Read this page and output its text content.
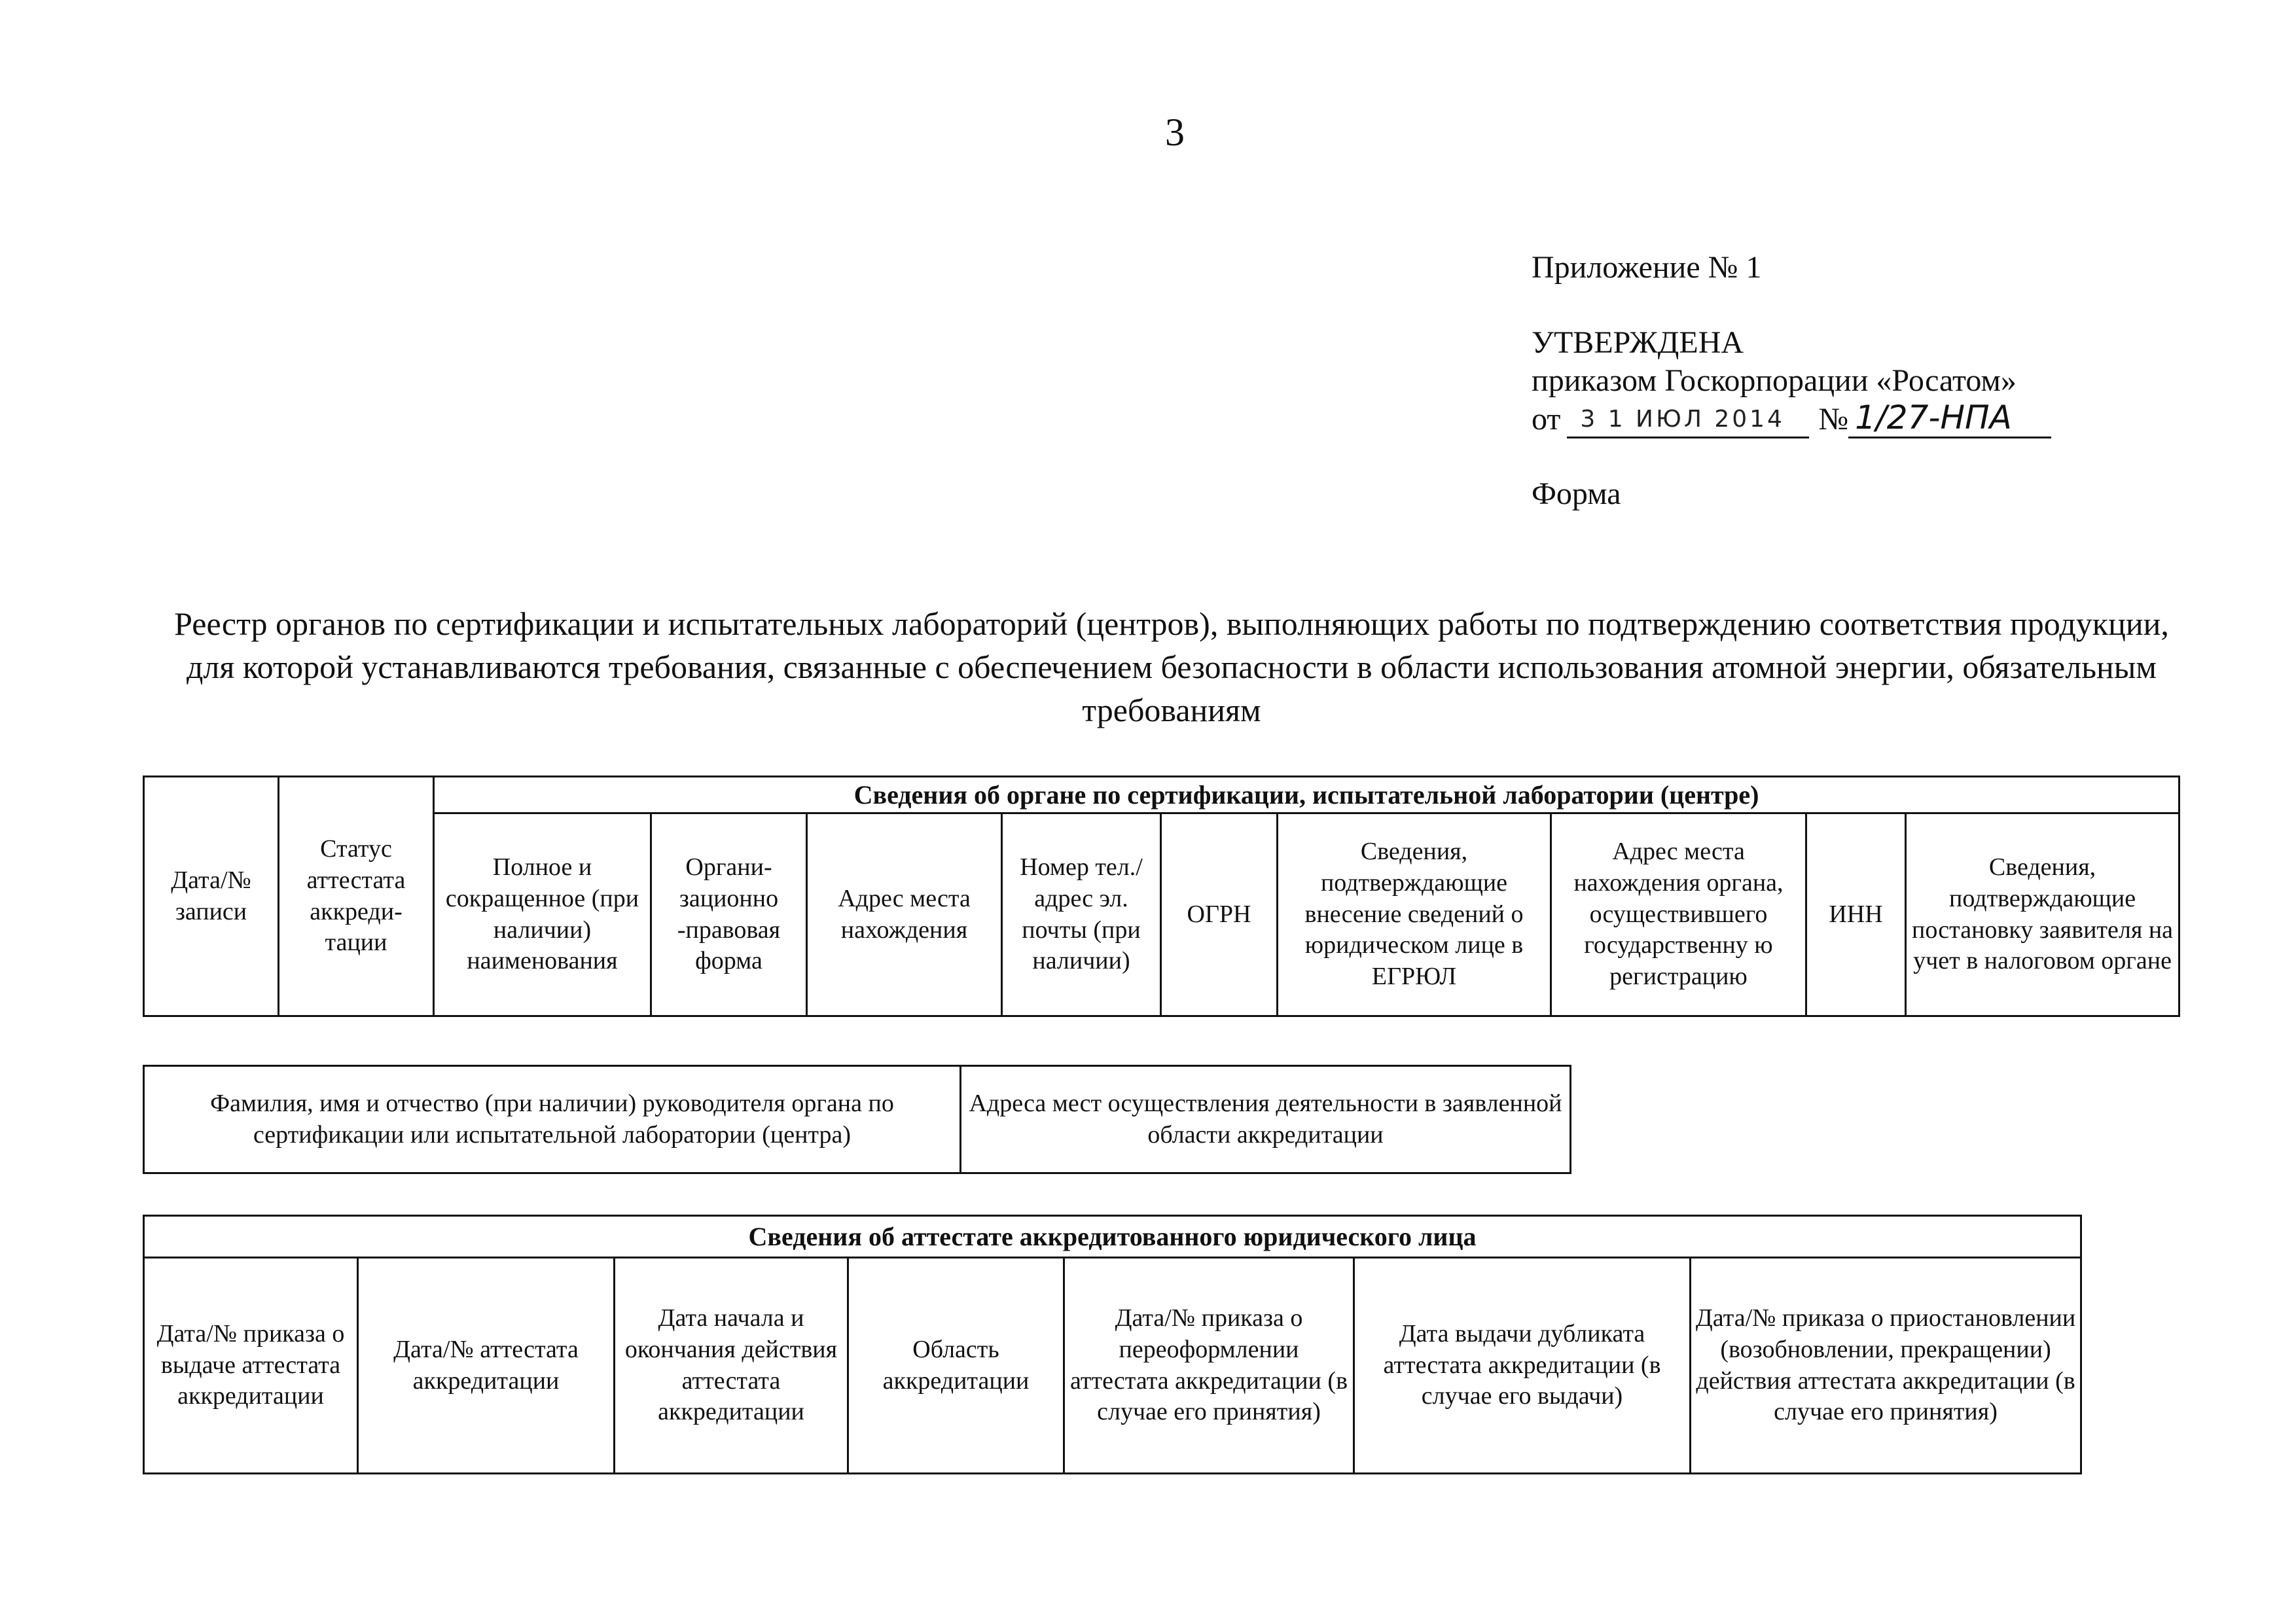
3
Приложение № 1
УТВЕРЖДЕНА
приказом Госкорпорации «Росатом»
от 3 1 ИЮЛ 2014 № 1/27-НПА
Форма
Реестр органов по сертификации и испытательных лабораторий (центров), выполняющих работы по подтверждению соответствия продукции, для которой устанавливаются требования, связанные с обеспечением безопасности в области использования атомной энергии, обязательным требованиям
Дата/№ записи	Статус аттестата аккреди-тации	Сведения об органе по сертификации, испытательной лаборатории (центре)								
		Полное и сокращенное (при наличии) наименования	Органи-зационно -правовая форма	Адрес места нахождения	Номер тел./ адрес эл. почты (при наличии)	ОГРН	Сведения, подтверждающие внесение сведений о юридическом лице в ЕГРЮЛ	Адрес места нахождения органа, осуществившего государственну ю регистрацию	ИНН	Сведения, подтверждающие постановку заявителя на учет в налоговом органе
Фамилия, имя и отчество (при наличии) руководителя органа по сертификации или испытательной лаборатории (центра)	Адреса мест осуществления деятельности в заявленной области аккредитации
Сведения об аттестате аккредитованного юридического лица
Дата/№ приказа о выдаче аттестата аккредитации	Дата/№ аттестата аккредитации	Дата начала и окончания действия аттестата аккредитации	Область аккредитации	Дата/№ приказа о переоформлении аттестата аккредитации (в случае его принятия)	Дата выдачи дубликата аттестата аккредитации (в случае его выдачи)	Дата/№ приказа о приостановлении (возобновлении, прекращении) действия аттестата аккредитации (в случае его принятия)
